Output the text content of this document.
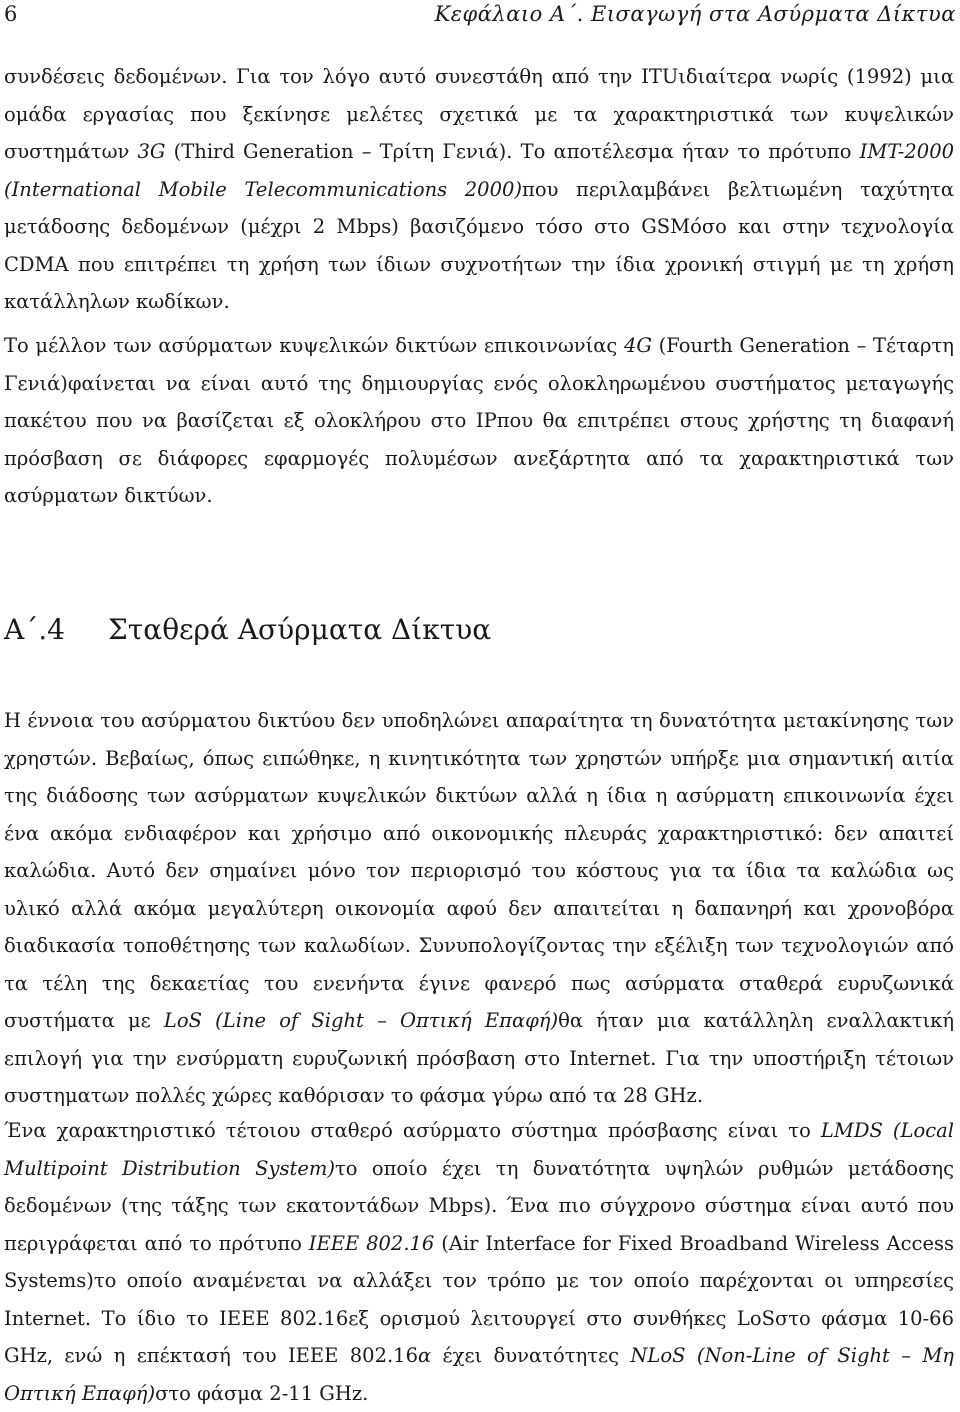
6	Κεφάλαιο Α΄. Εισαγωγή στα Ασύρματα Δίκτυα

συνδέσεις δεδομένων. Για τον λόγο αυτό συνεστάθη από την ITUιδιαίτερα νωρίς (1992) μια ομάδα εργασίας που ξεκίνησε μελέτες σχετικά με τα χαρακτηριστικά των κυψελικών συστημάτων 3G (Third Generation – Τρίτη Γενιά). Το αποτέλεσμα ήταν το πρότυπο IMT-2000 (International Mobile Telecommunications 2000)που περιλαμβάνει βελτιωμένη ταχύτητα μετάδοσης δεδομένων (μέχρι 2 Mbps) βασιζόμενο τόσο στο GSMόσο και στην τεχνολογία CDMA που επιτρέπει τη χρήση των ίδιων συχνοτήτων την ίδια χρονική στιγμή με τη χρήση κατάλληλων κωδίκων.

Το μέλλον των ασύρματων κυψελικών δικτύων επικοινωνίας 4G (Fourth Generation – Τέταρτη Γενιά)φαίνεται να είναι αυτό της δημιουργίας ενός ολοκληρωμένου συστήματος μεταγωγής πακέτου που να βασίζεται εξ ολοκλήρου στο IPπου θα επιτρέπει στους χρήστης τη διαφανή πρόσβαση σε διάφορες εφαρμογές πολυμέσων ανεξάρτητα από τα χαρακτηριστικά των ασύρματων δικτύων.

Α΄.4 Σταθερά Ασύρματα Δίκτυα

Η έννοια του ασύρματου δικτύου δεν υποδηλώνει απαραίτητα τη δυνατότητα μετακίνησης των χρηστών. Βεβαίως, όπως ειπώθηκε, η κινητικότητα των χρηστών υπήρξε μια σημαντική αιτία της διάδοσης των ασύρματων κυψελικών δικτύων αλλά η ίδια η ασύρματη επικοινωνία έχει ένα ακόμα ενδιαφέρον και χρήσιμο από οικονομικής πλευράς χαρακτηριστικό: δεν απαιτεί καλώδια. Αυτό δεν σημαίνει μόνο τον περιορισμό του κόστους για τα ίδια τα καλώδια ως υλικό αλλά ακόμα μεγαλύτερη οικονομία αφού δεν απαιτείται η δαπανηρή και χρονοβόρα διαδικασία τοποθέτησης των καλωδίων. Συνυπολογίζοντας την εξέλιξη των τεχνολογιών από τα τέλη της δεκαετίας του ενενήντα έγινε φανερό πως ασύρματα σταθερά ευρυζωνικά συστήματα με LoS (Line of Sight – Οπτική Επαφή)θα ήταν μια κατάλληλη εναλλακτική επιλογή για την ενσύρματη ευρυζωνική πρόσβαση στο Internet. Για την υποστήριξη τέτοιων συστηματων πολλές χώρες καθόρισαν το φάσμα γύρω από τα 28 GHz.

Ένα χαρακτηριστικό τέτοιου σταθερό ασύρματο σύστημα πρόσβασης είναι το LMDS (Local Multipoint Distribution System)το οποίο έχει τη δυνατότητα υψηλών ρυθμών μετάδοσης δεδομένων (της τάξης των εκατοντάδων Mbps). Ένα πιο σύγχρονο σύστημα είναι αυτό που περιγράφεται από το πρότυπο IEEE 802.16 (Air Interface for Fixed Broadband Wireless Access Systems)το οποίο αναμένεται να αλλάξει τον τρόπο με τον οποίο παρέχονται οι υπηρεσίες Internet. Το ίδιο το IEEE 802.16εξ ορισμού λειτουργεί στο συνθήκες LoSστο φάσμα 10-66 GHz, ενώ η επέκτασή του IEEE 802.16α έχει δυνατότητες NLoS (Non-Line of Sight – Μη Οπτική Επαφή)στο φάσμα 2-11 GHz.
